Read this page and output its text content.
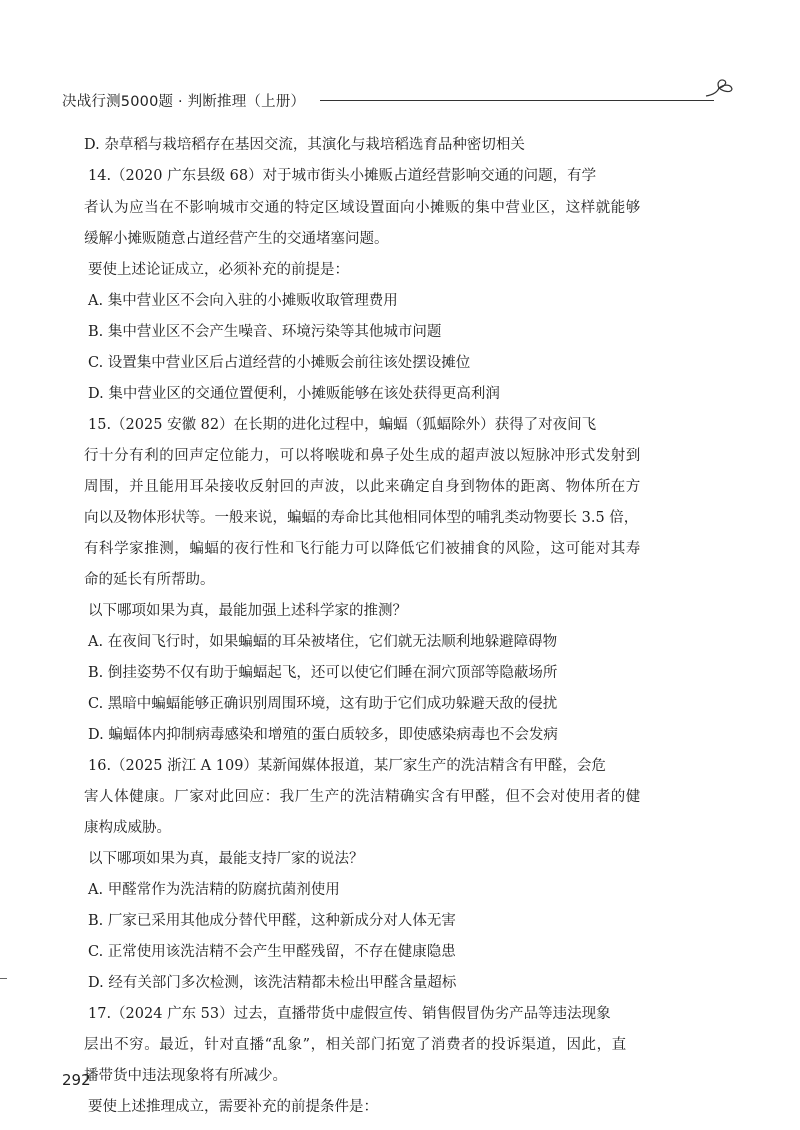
决战行测5000题 · 判断推理（上册）
D. 杂草稻与栽培稻存在基因交流，其演化与栽培稻选育品种密切相关
14.（2020 广东县级 68）对于城市街头小摊贩占道经营影响交通的问题，有学
者认为应当在不影响城市交通的特定区域设置面向小摊贩的集中营业区，这样就能够
缓解小摊贩随意占道经营产生的交通堵塞问题。
要使上述论证成立，必须补充的前提是：
A. 集中营业区不会向入驻的小摊贩收取管理费用
B. 集中营业区不会产生噪音、环境污染等其他城市问题
C. 设置集中营业区后占道经营的小摊贩会前往该处摆设摊位
D. 集中营业区的交通位置便利，小摊贩能够在该处获得更高利润
15.（2025 安徽 82）在长期的进化过程中，蝙蝠（狐蝠除外）获得了对夜间飞
行十分有利的回声定位能力，可以将喉咙和鼻子处生成的超声波以短脉冲形式发射到
周围，并且能用耳朵接收反射回的声波，以此来确定自身到物体的距离、物体所在方
向以及物体形状等。一般来说，蝙蝠的寿命比其他相同体型的哺乳类动物要长 3.5 倍，
有科学家推测，蝙蝠的夜行性和飞行能力可以降低它们被捕食的风险，这可能对其寿
命的延长有所帮助。
以下哪项如果为真，最能加强上述科学家的推测？
A. 在夜间飞行时，如果蝙蝠的耳朵被堵住，它们就无法顺利地躲避障碍物
B. 倒挂姿势不仅有助于蝙蝠起飞，还可以使它们睡在洞穴顶部等隐蔽场所
C. 黑暗中蝙蝠能够正确识别周围环境，这有助于它们成功躲避天敌的侵扰
D. 蝙蝠体内抑制病毒感染和增殖的蛋白质较多，即使感染病毒也不会发病
16.（2025 浙江 A 109）某新闻媒体报道，某厂家生产的洗洁精含有甲醛，会危
害人体健康。厂家对此回应：我厂生产的洗洁精确实含有甲醛，但不会对使用者的健
康构成威胁。
以下哪项如果为真，最能支持厂家的说法？
A. 甲醛常作为洗洁精的防腐抗菌剂使用
B. 厂家已采用其他成分替代甲醛，这种新成分对人体无害
C. 正常使用该洗洁精不会产生甲醛残留，不存在健康隐患
D. 经有关部门多次检测，该洗洁精都未检出甲醛含量超标
17.（2024 广东 53）过去，直播带货中虚假宣传、销售假冒伪劣产品等违法现象
层出不穷。最近，针对直播“乱象”，相关部门拓宽了消费者的投诉渠道，因此，直
播带货中违法现象将有所减少。
要使上述推理成立，需要补充的前提条件是：
292
